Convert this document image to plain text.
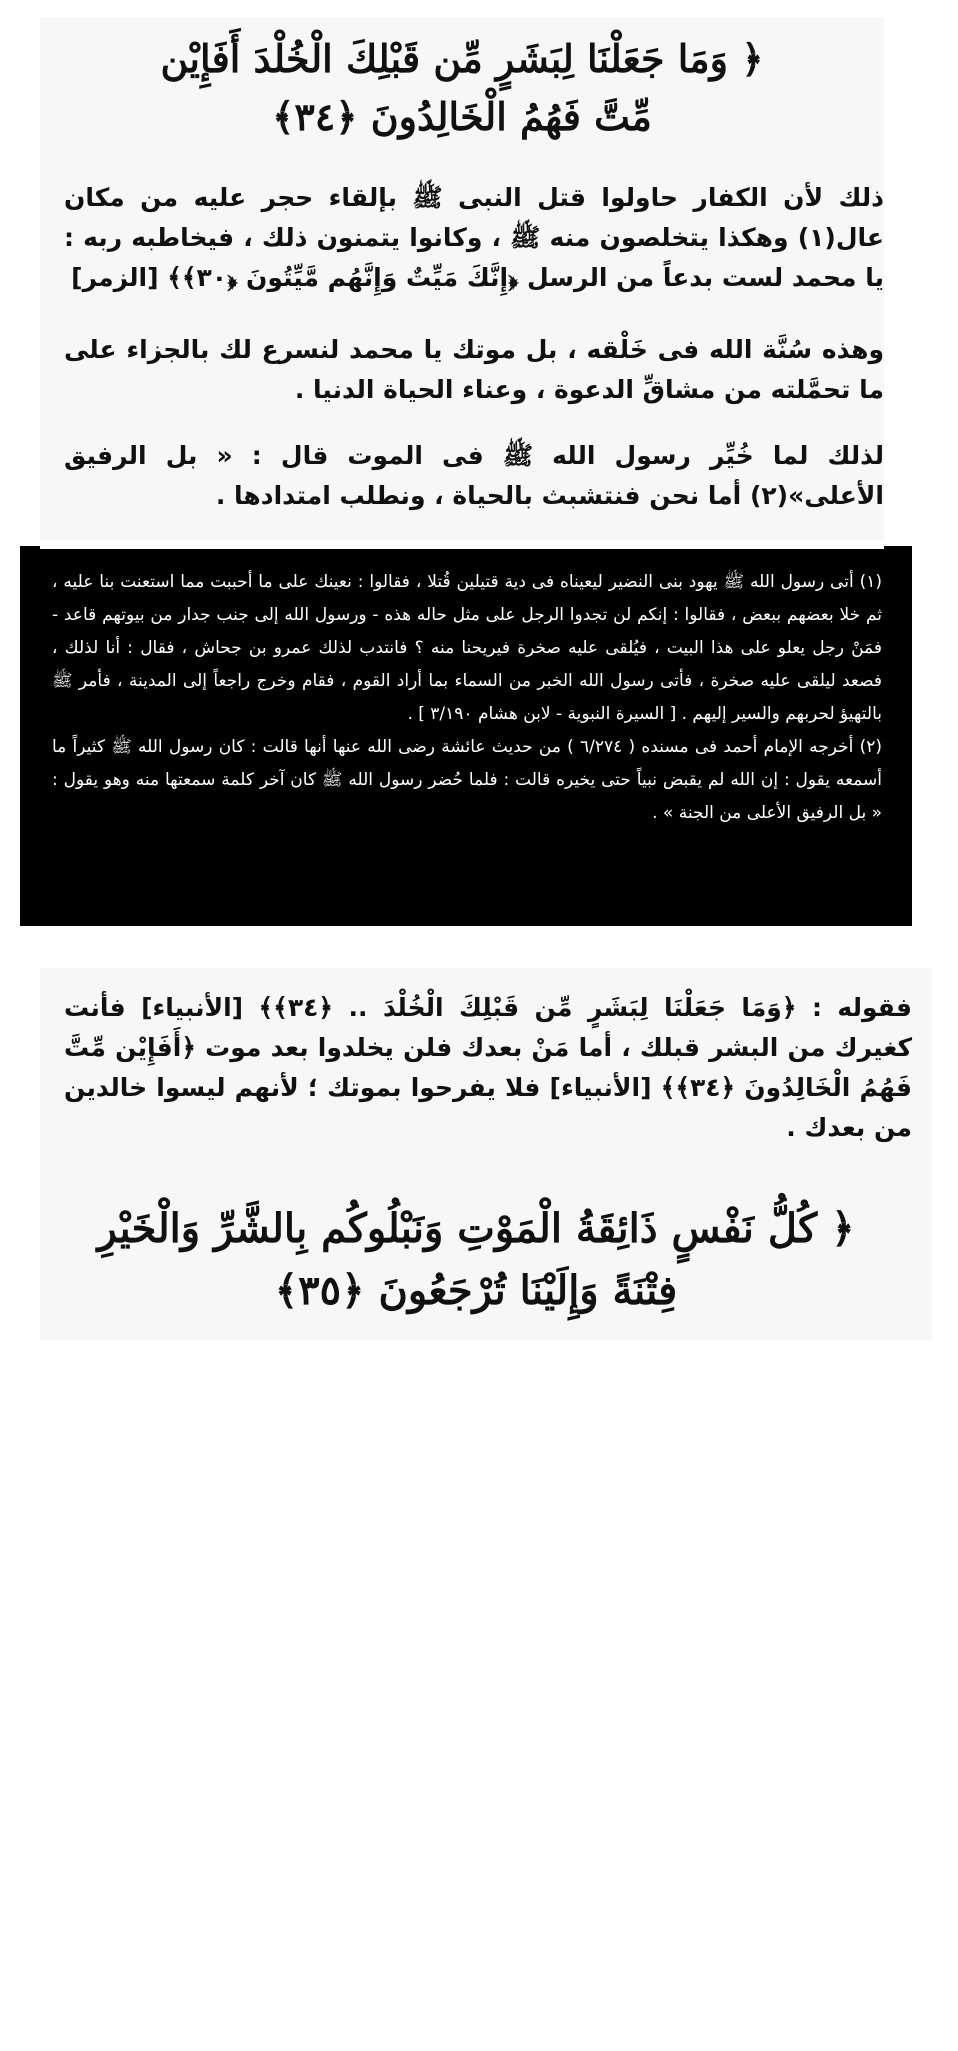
﴿ وَمَا جَعَلْنَا لِبَشَرٍ مِّن قَبْلِكَ الْخُلْدَ أَفَإِيْن
مِّتَّ فَهُمُ الْخَالِدُونَ ﴿٣٤﴾
ذلك لأن الكفار حاولوا قتل النبى ﷺ بإلقاء حجر عليه من مكان عال(١) وهكذا يتخلصون منه ﷺ ، وكانوا يتمنون ذلك ، فيخاطبه ربه : يا محمد لست بدعاً من الرسل ﴿إِنَّكَ مَيِّتٌ وَإِنَّهُم مَّيِّتُونَ ﴿٣٠﴾﴾ [الزمر]
وهذه سُنَّة الله فى خَلْقه ، بل موتك يا محمد لنسرع لك بالجزاء على ما تحمَّلته من مشاقِّ الدعوة ، وعناء الحياة الدنيا .
لذلك لما خُيِّر رسول الله ﷺ فى الموت قال : « بل الرفيق الأعلى»(٢) أما نحن فنتشبث بالحياة ، ونطلب امتدادها .

(١) أتى رسول الله ﷺ يهود بنى النضير ليعيناه فى دية قتيلين قُتلا ، فقالوا : نعينك على ما أحببت مما استعنت بنا عليه ، ثم خلا بعضهم ببعض ، فقالوا : إنكم لن تجدوا الرجل على مثل حاله هذه - ورسول الله إلى جنب جدار من بيوتهم قاعد - فمَنْ رجل يعلو على هذا البيت ، فيُلقى عليه صخرة فيريحنا منه ؟ فانتدب لذلك عمرو بن جحاش ، فقال : أنا لذلك ، فصعد ليلقى عليه صخرة ، فأتى رسول الله الخبر من السماء بما أراد القوم ، فقام وخرج راجعاً إلى المدينة ، فأمر ﷺ بالتهيؤ لحربهم والسير إليهم . [ السيرة النبوية - لابن هشام ٣/١٩٠ ] .

(٢) أخرجه الإمام أحمد فى مسنده ( ٦/٢٧٤ ) من حديث عائشة رضى الله عنها أنها قالت : كان رسول الله ﷺ كثيراً ما أسمعه يقول : إن الله لم يقبض نبياً حتى يخيره قالت : فلما حُضر رسول الله ﷺ كان آخر كلمة سمعتها منه وهو يقول : « بل الرفيق الأعلى من الجنة » .

فقوله : ﴿وَمَا جَعَلْنَا لِبَشَرٍ مِّن قَبْلِكَ الْخُلْدَ .. ﴿٣٤﴾﴾ [الأنبياء] فأنت كغيرك من البشر قبلك ، أما مَنْ بعدك فلن يخلدوا بعد موت ﴿أَفَإِيْن مِّتَّ فَهُمُ الْخَالِدُونَ ﴿٣٤﴾﴾ [الأنبياء] فلا يفرحوا بموتك ؛ لأنهم ليسوا خالدين من بعدك .
﴿ كُلُّ نَفْسٍ ذَائِقَةُ الْمَوْتِ وَنَبْلُوكُم بِالشَّرِّ وَالْخَيْرِ
فِتْنَةً وَإِلَيْنَا تُرْجَعُونَ ﴿٣٥﴾
